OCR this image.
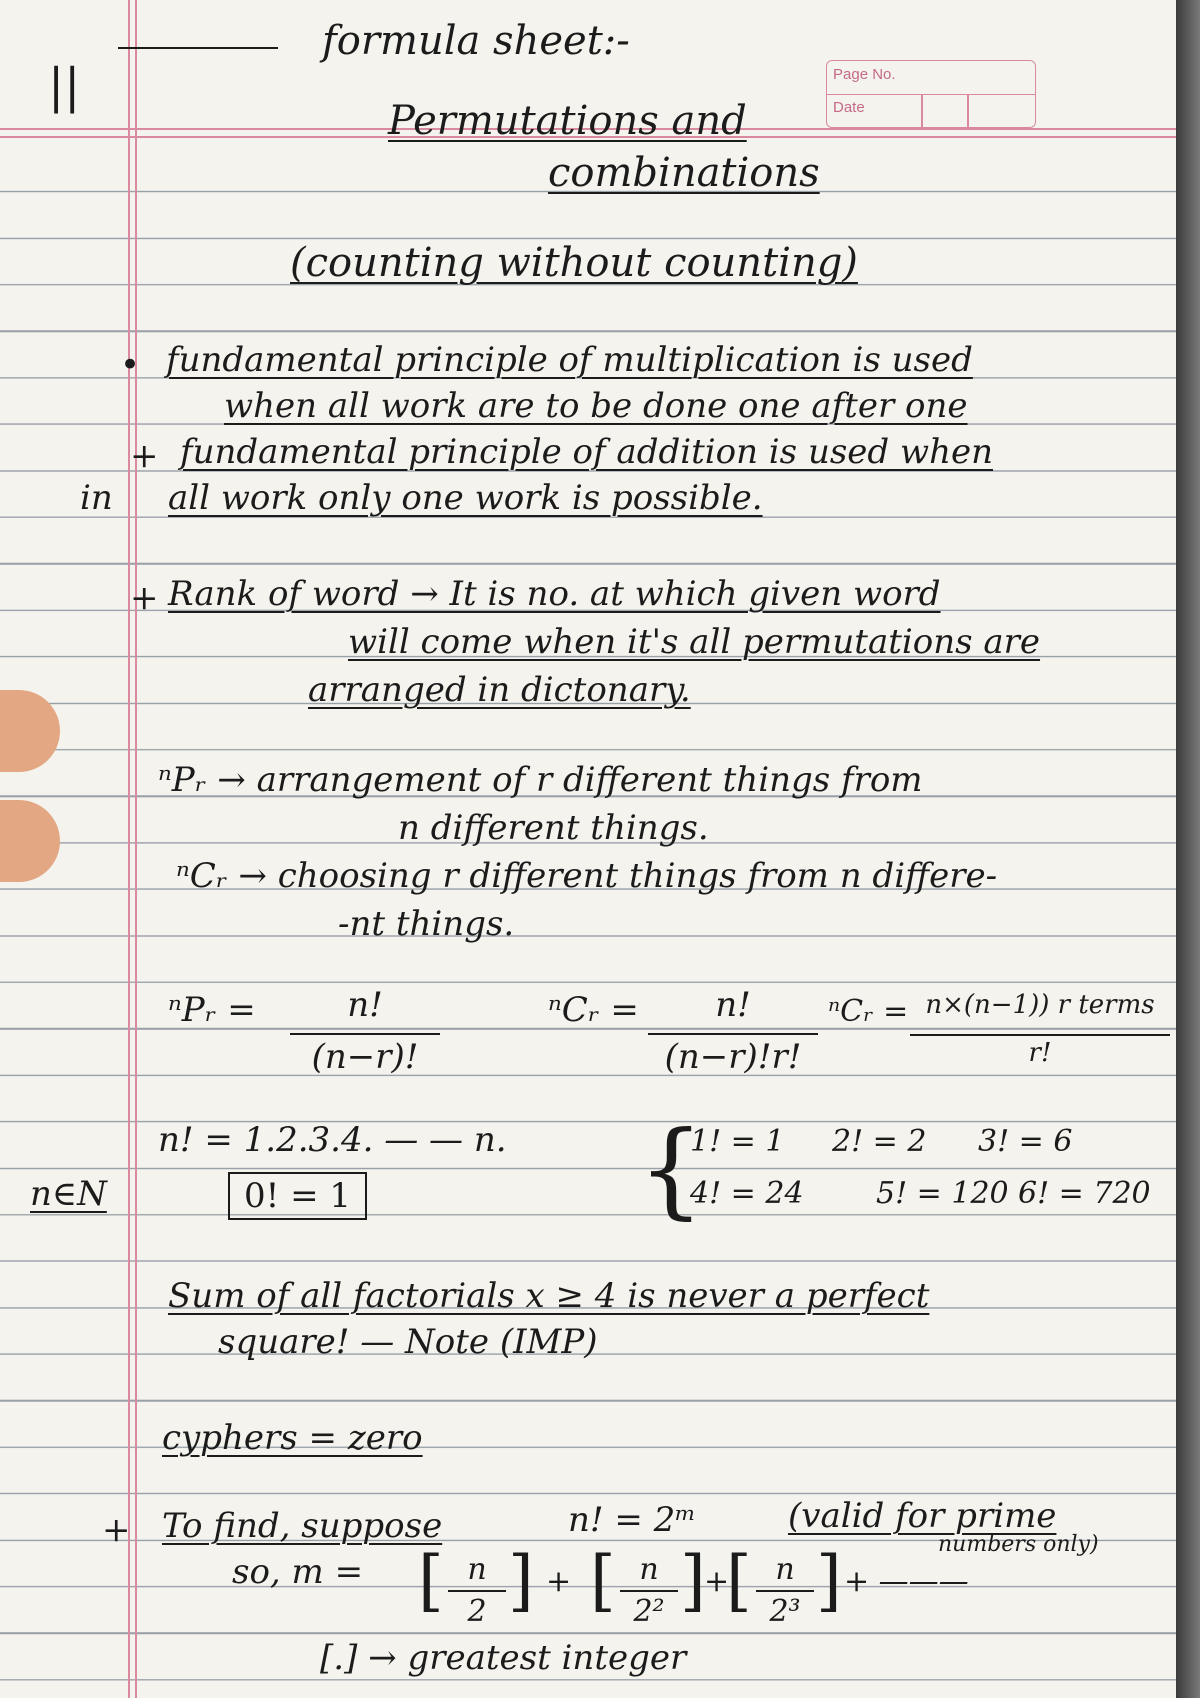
Page No.
Date
||
formula sheet:-
Permutations and
combinations
(counting without counting)
• fundamental principle of multiplication is used
when all work are to be done one after one
+ fundamental principle of addition is used when
in all work only one work is possible.
+ Rank of word → It is no. at which given word
will come when it's all permutations are
arranged in dictonary.
ⁿPᵣ → arrangement of r different things from
n different things.
ⁿCᵣ → choosing r different things from n differe-
-nt things.
ⁿPᵣ =	n!
(n−r)!
ⁿCᵣ =	n!
(n−r)!r!
ⁿCᵣ = n×(n−1)) r terms
r!
n! = 1.2.3.4. — — n.
n∈N	0! = 1	{
1! = 1 2! = 2 3! = 6
4! = 24 5! = 120 6! = 720
Sum of all factorials x ≥ 4 is never a perfect
square! — Note (IMP)
cyphers = zero
+ To find, suppose	n! = 2ᵐ	(valid for prime
numbers only)
so, m = [ n
2 ] + [ n
2² ]
+
[ n
2³ ] + ———
[.] → greatest integer
